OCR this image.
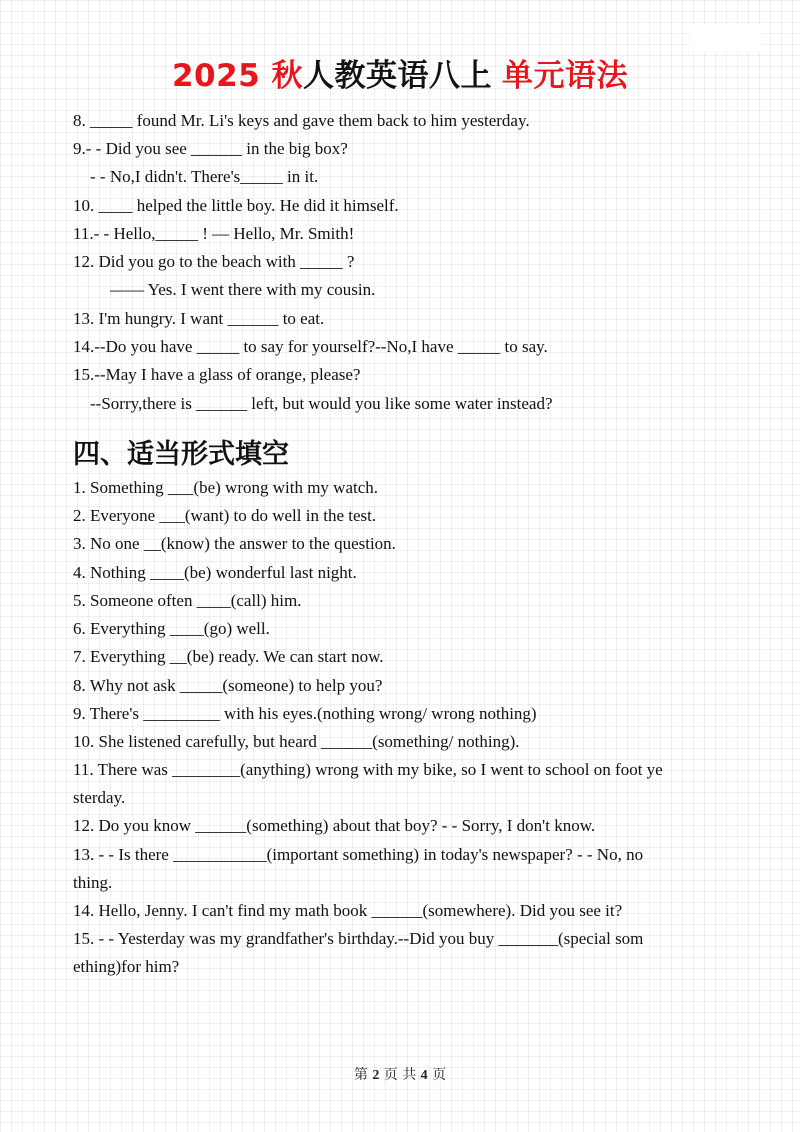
2025 秋人教英语八上 单元语法
8. _____ found Mr. Li's keys and gave them back to him yesterday.
9.- - Did you see ______ in the big box?
- - No,I didn't. There's_____ in it.
10. ____ helped the little boy. He did it himself.
11.- - Hello,_____ ! — Hello, Mr. Smith!
12. Did you go to the beach with _____ ?
—— Yes. I went there with my cousin.
13. I'm hungry. I want ______ to eat.
14.--Do you have _____ to say for yourself?--No,I have _____ to say.
15.--May I have a glass of orange, please?
--Sorry,there is ______ left, but would you like some water instead?
四、适当形式填空
1. Something ___(be) wrong with my watch.
2. Everyone ___(want) to do well in the test.
3. No one __(know) the answer to the question.
4. Nothing ____(be) wonderful last night.
5. Someone often ____(call) him.
6. Everything ____(go) well.
7. Everything __(be) ready. We can start now.
8. Why not ask _____(someone) to help you?
9. There's _________ with his eyes.(nothing wrong/ wrong nothing)
10. She listened carefully, but heard ______(something/ nothing).
11. There was ________(anything) wrong with my bike, so I went to school on foot ye
sterday.
12. Do you know ______(something) about that boy? - - Sorry, I don't know.
13. - - Is there ___________(important something) in today's newspaper? - - No, no
thing.
14. Hello, Jenny. I can't find my math book ______(somewhere). Did you see it?
15. - - Yesterday was my grandfather's birthday.--Did you buy _______(special som
ething)for him?
第 2 页 共 4 页
